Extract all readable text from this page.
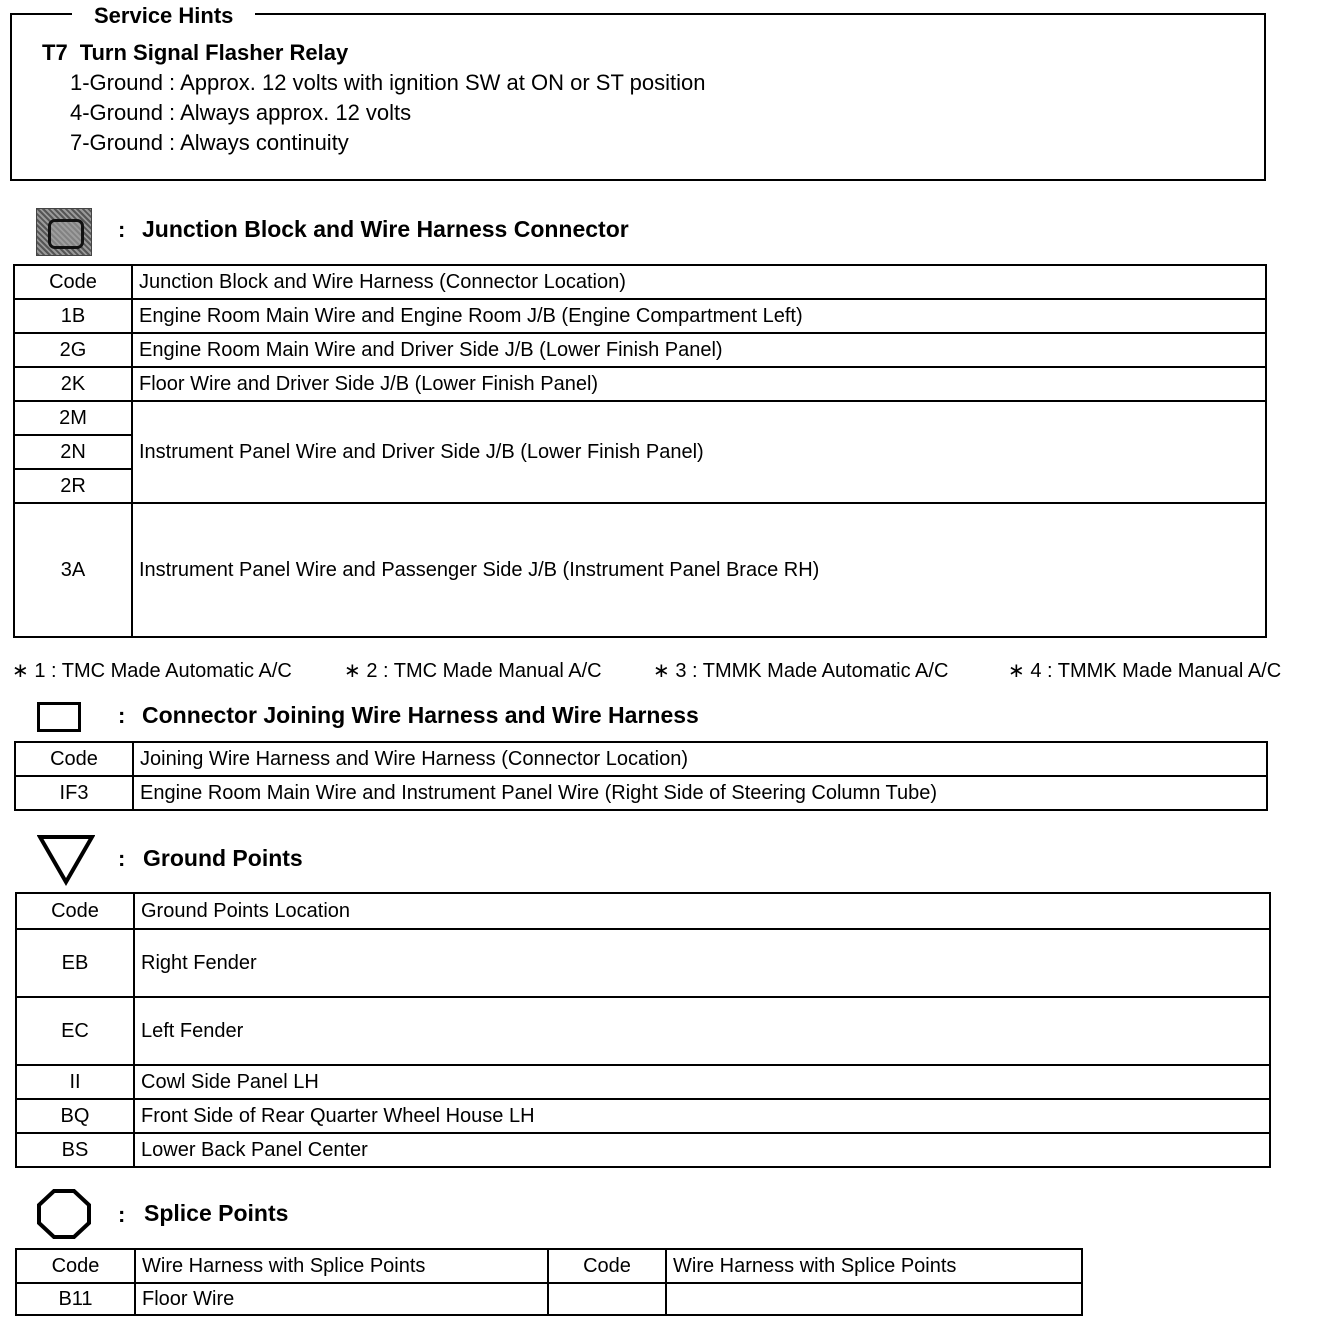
Service Hints
T7 Turn Signal Flasher Relay
1-Ground : Approx. 12 volts with ignition SW at ON or ST position
4-Ground : Always approx. 12 volts
7-Ground : Always continuity
: Junction Block and Wire Harness Connector
Code	Junction Block and Wire Harness (Connector Location)
1B	Engine Room Main Wire and Engine Room J/B (Engine Compartment Left)
2G	Engine Room Main Wire and Driver Side J/B (Lower Finish Panel)
2K	Floor Wire and Driver Side J/B (Lower Finish Panel)
2M	Instrument Panel Wire and Driver Side J/B (Lower Finish Panel)
2N	
2R	
3A	Instrument Panel Wire and Passenger Side J/B (Instrument Panel Brace RH)
∗ 1 : TMC Made Automatic A/C	∗ 2 : TMC Made Manual A/C	∗ 3 : TMMK Made Automatic A/C	∗ 4 : TMMK Made Manual A/C
: Connector Joining Wire Harness and Wire Harness
Code	Joining Wire Harness and Wire Harness (Connector Location)
IF3	Engine Room Main Wire and Instrument Panel Wire (Right Side of Steering Column Tube)
: Ground Points
Code	Ground Points Location
EB	Right Fender
EC	Left Fender
II	Cowl Side Panel LH
BQ	Front Side of Rear Quarter Wheel House LH
BS	Lower Back Panel Center
: Splice Points
Code	Wire Harness with Splice Points	Code	Wire Harness with Splice Points
B11	Floor Wire		
